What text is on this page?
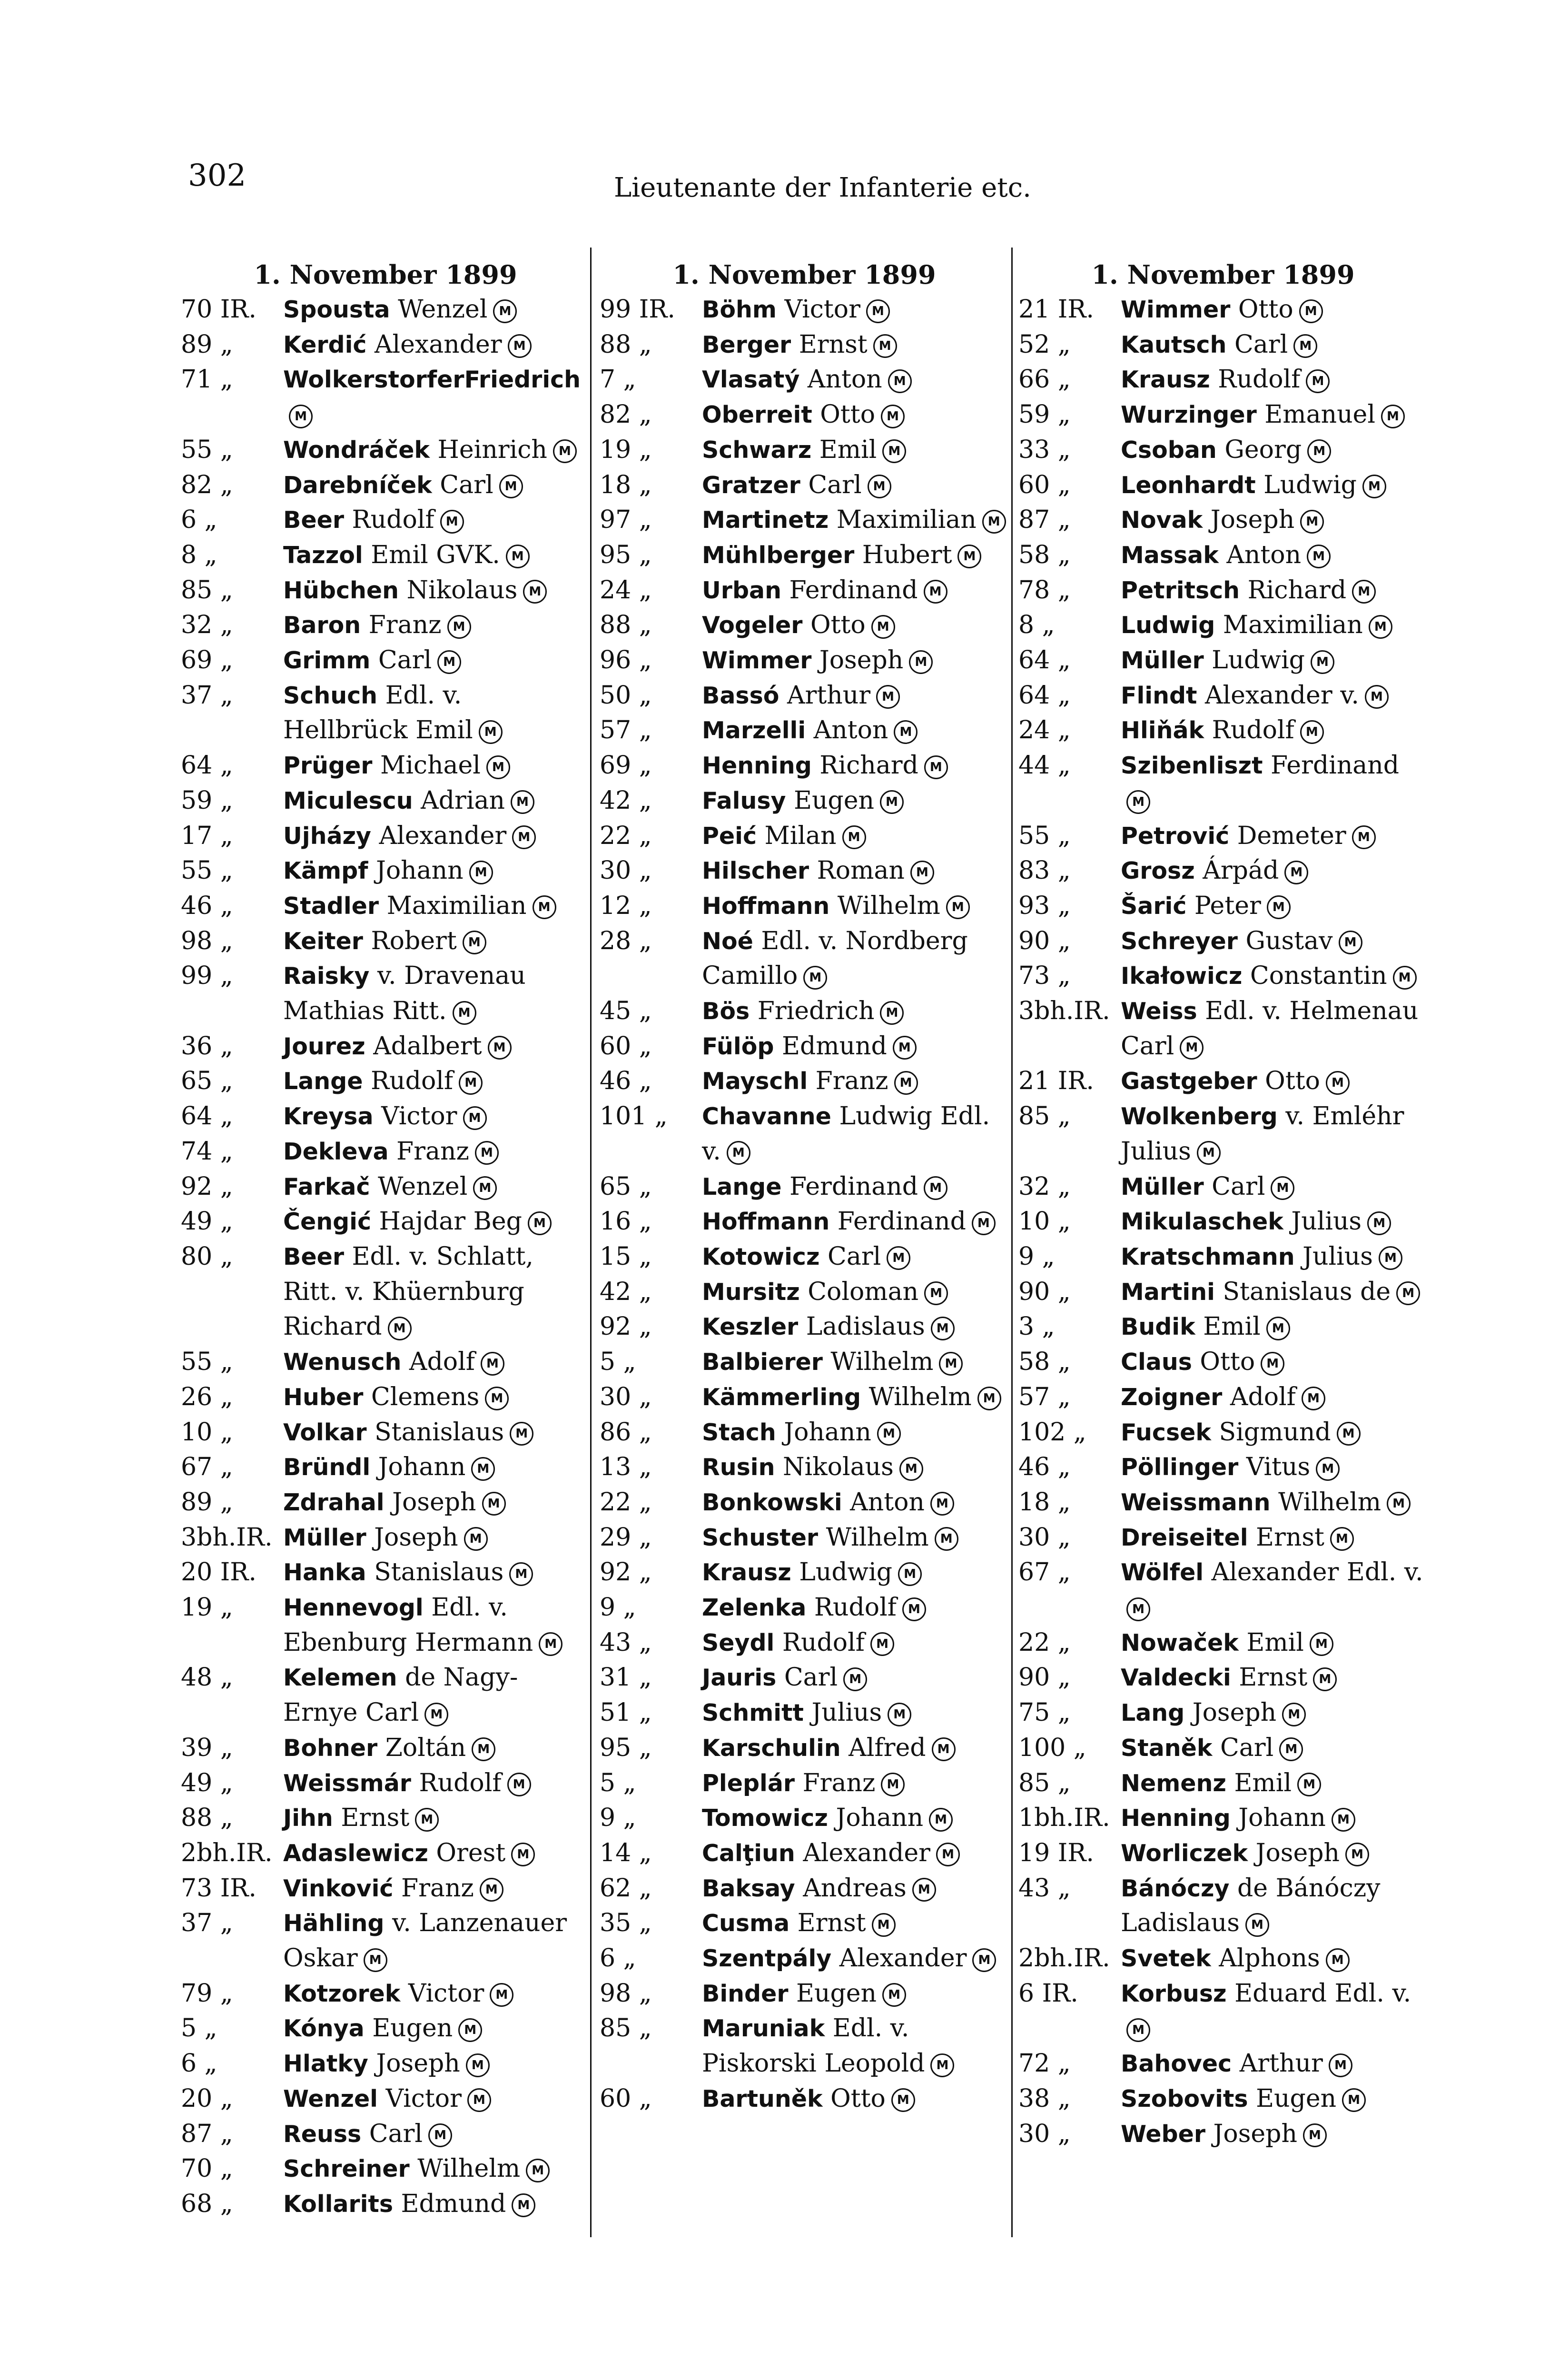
302	Lieutenante der Infanterie etc.
1. November 1899
70 IR.	Spousta Wenzel M
89 „	Kerdić Alexander M
71 „	WolkerstorferFriedrichM
55 „	Wondráček Heinrich M
82 „	Darebníček Carl M
6 „	Beer Rudolf M
8 „	Tazzol Emil GVK. M
85 „	Hübchen Nikolaus M
32 „	Baron Franz M
69 „	Grimm Carl M
37 „	Schuch Edl. v. Hellbrück Emil M
64 „	Prüger Michael M
59 „	Miculescu Adrian M
17 „	Ujházy Alexander M
55 „	Kämpf Johann M
46 „	Stadler Maximilian M
98 „	Keiter Robert M
99 „	Raisky v. Dravenau Mathias Ritt. M
36 „	Jourez Adalbert M
65 „	Lange Rudolf M
64 „	Kreysa Victor M
74 „	Dekleva Franz M
92 „	Farkač Wenzel M
49 „	Čengić Hajdar Beg M
80 „	Beer Edl. v. Schlatt, Ritt. v. Khüernburg Richard M
55 „	Wenusch Adolf M
26 „	Huber Clemens M
10 „	Volkar Stanislaus M
67 „	Bründl Johann M
89 „	Zdrahal Joseph M
3bh.IR. Müller Joseph M
20 IR.	Hanka Stanislaus M
19 „	Hennevogl Edl. v. Ebenburg Hermann M
48 „	Kelemen de Nagy-Ernye Carl M
39 „	Bohner Zoltán M
49 „	Weissmár Rudolf M
88 „	Jihn Ernst M
2bh.IR. Adaslewicz Orest M
73 IR.	Vinković Franz M
37 „	Hähling v. Lanzenauer Oskar M
79 „	Kotzorek Victor M
5 „	Kónya Eugen M
6 „	Hlatky Joseph M
20 „	Wenzel Victor M
87 „	Reuss Carl M
70 „	Schreiner Wilhelm M
68 „	Kollarits Edmund M
1. November 1899
99 IR.	Böhm Victor M
88 „	Berger Ernst M
7 „	Vlasatý Anton M
82 „	Oberreit Otto M
19 „	Schwarz Emil M
18 „	Gratzer Carl M
97 „	Martinetz Maximilian M
95 „	Mühlberger Hubert M
24 „	Urban Ferdinand M
88 „	Vogeler Otto M
96 „	Wimmer Joseph M
50 „	Bassó Arthur M
57 „	Marzelli Anton M
69 „	Henning Richard M
42 „	Falusy Eugen M
22 „	Peić Milan M
30 „	Hilscher Roman M
12 „	Hoffmann Wilhelm M
28 „	Noé Edl. v. Nordberg Camillo M
45 „	Bös Friedrich M
60 „	Fülöp Edmund M
46 „	Mayschl Franz M
101 „	Chavanne Ludwig Edl. v. M
65 „	Lange Ferdinand M
16 „	Hoffmann Ferdinand M
15 „	Kotowicz Carl M
42 „	Mursitz Coloman M
92 „	Keszler Ladislaus M
5 „	Balbierer Wilhelm M
30 „	Kämmerling Wilhelm M
86 „	Stach Johann M
13 „	Rusin Nikolaus M
22 „	Bonkowski Anton M
29 „	Schuster Wilhelm M
92 „	Krausz Ludwig M
9 „	Zelenka Rudolf M
43 „	Seydl Rudolf M
31 „	Jauris Carl M
51 „	Schmitt Julius M
95 „	Karschulin Alfred M
5 „	Pleplár Franz M
9 „	Tomowicz Johann M
14 „	Calţiun Alexander M
62 „	Baksay Andreas M
35 „	Cusma Ernst M
6 „	Szentpály Alexander M
98 „	Binder Eugen M
85 „	Maruniak Edl. v. Piskorski Leopold M
60 „	Bartuněk Otto M
1. November 1899
21 IR.	Wimmer Otto M
52 „	Kautsch Carl M
66 „	Krausz Rudolf M
59 „	Wurzinger Emanuel M
33 „	Csoban Georg M
60 „	Leonhardt Ludwig M
87 „	Novak Joseph M
58 „	Massak Anton M
78 „	Petritsch Richard M
8 „	Ludwig Maximilian M
64 „	Müller Ludwig M
64 „	Flindt Alexander v. M
24 „	Hliňák Rudolf M
44 „	Szibenliszt FerdinandM
55 „	Petrović Demeter M
83 „	Grosz Árpád M
93 „	Šarić Peter M
90 „	Schreyer Gustav M
73 „	Ikałowicz Constantin M
3bh.IR. Weiss Edl. v. Helmenau Carl M
21 IR.	Gastgeber Otto M
85 „	Wolkenberg v. Emléhr Julius M
32 „	Müller Carl M
10 „	Mikulaschek Julius M
9 „	Kratschmann Julius M
90 „	Martini Stanislaus de M
3 „	Budik Emil M
58 „	Claus Otto M
57 „	Zoigner Adolf M
102 „	Fucsek Sigmund M
46 „	Pöllinger Vitus M
18 „	Weissmann Wilhelm M
30 „	Dreiseitel Ernst M
67 „	Wölfel Alexander Edl. v.M
22 „	Nowaček Emil M
90 „	Valdecki Ernst M
75 „	Lang Joseph M
100 „	Staněk Carl M
85 „	Nemenz Emil M
1bh.IR. Henning Johann M
19 IR.	Worliczek Joseph M
43 „	Bánóczy de Bánóczy Ladislaus M
2bh.IR. Svetek Alphons M
6 IR.	Korbusz Eduard Edl. v.M
72 „	Bahovec Arthur M
38 „	Szobovits Eugen M
30 „	Weber Joseph M
